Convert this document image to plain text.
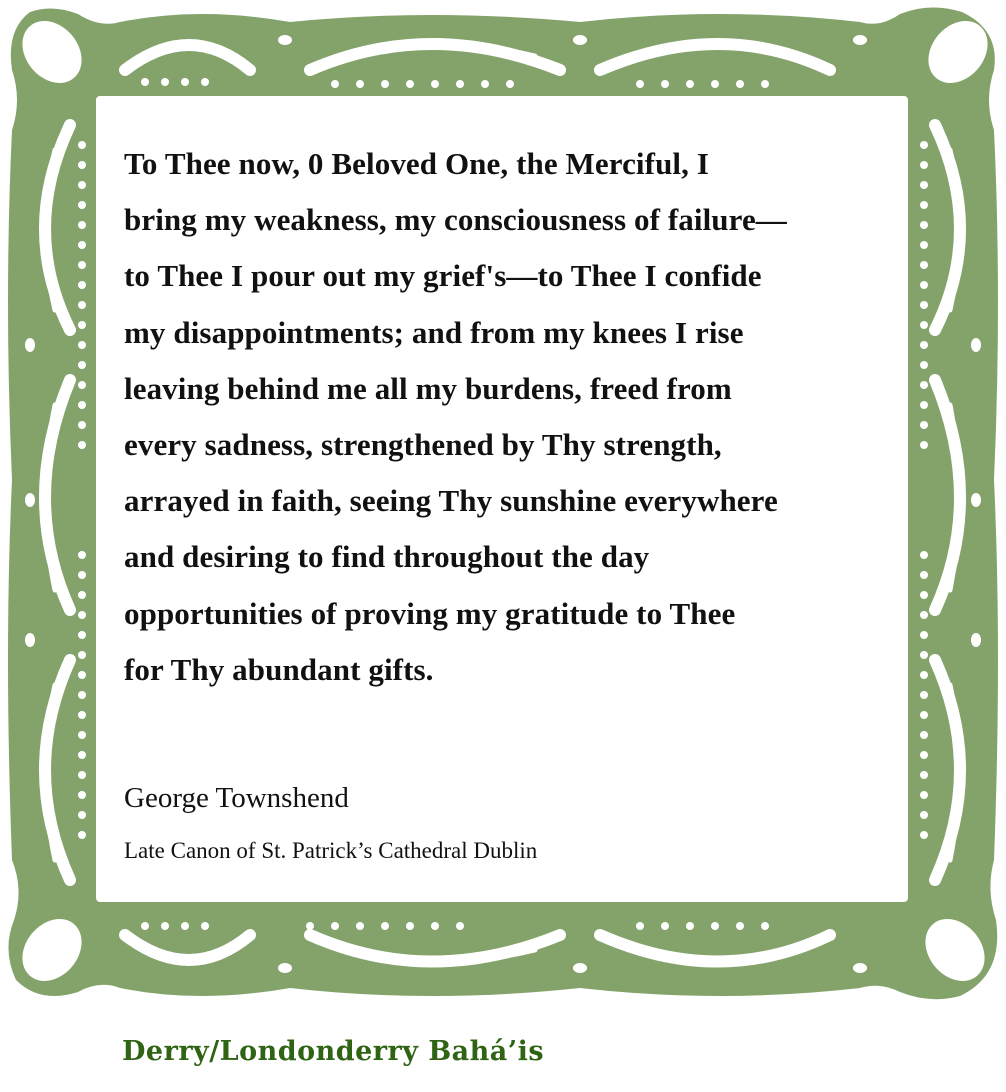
To Thee now, 0 Beloved One, the Merciful, I
bring my weakness, my consciousness of failure—
to Thee I pour out my grief's—to Thee I confide
my disappointments; and from my knees I rise
leaving behind me all my burdens, freed from
every sadness, strengthened by Thy strength,
arrayed in faith, seeing Thy sunshine everywhere
and desiring to find throughout the day
opportunities of proving my gratitude to Thee
for Thy abundant gifts.
George Townshend
Late Canon of St. Patrick’s Cathedral Dublin
Derry/Londonderry Bahá’is
